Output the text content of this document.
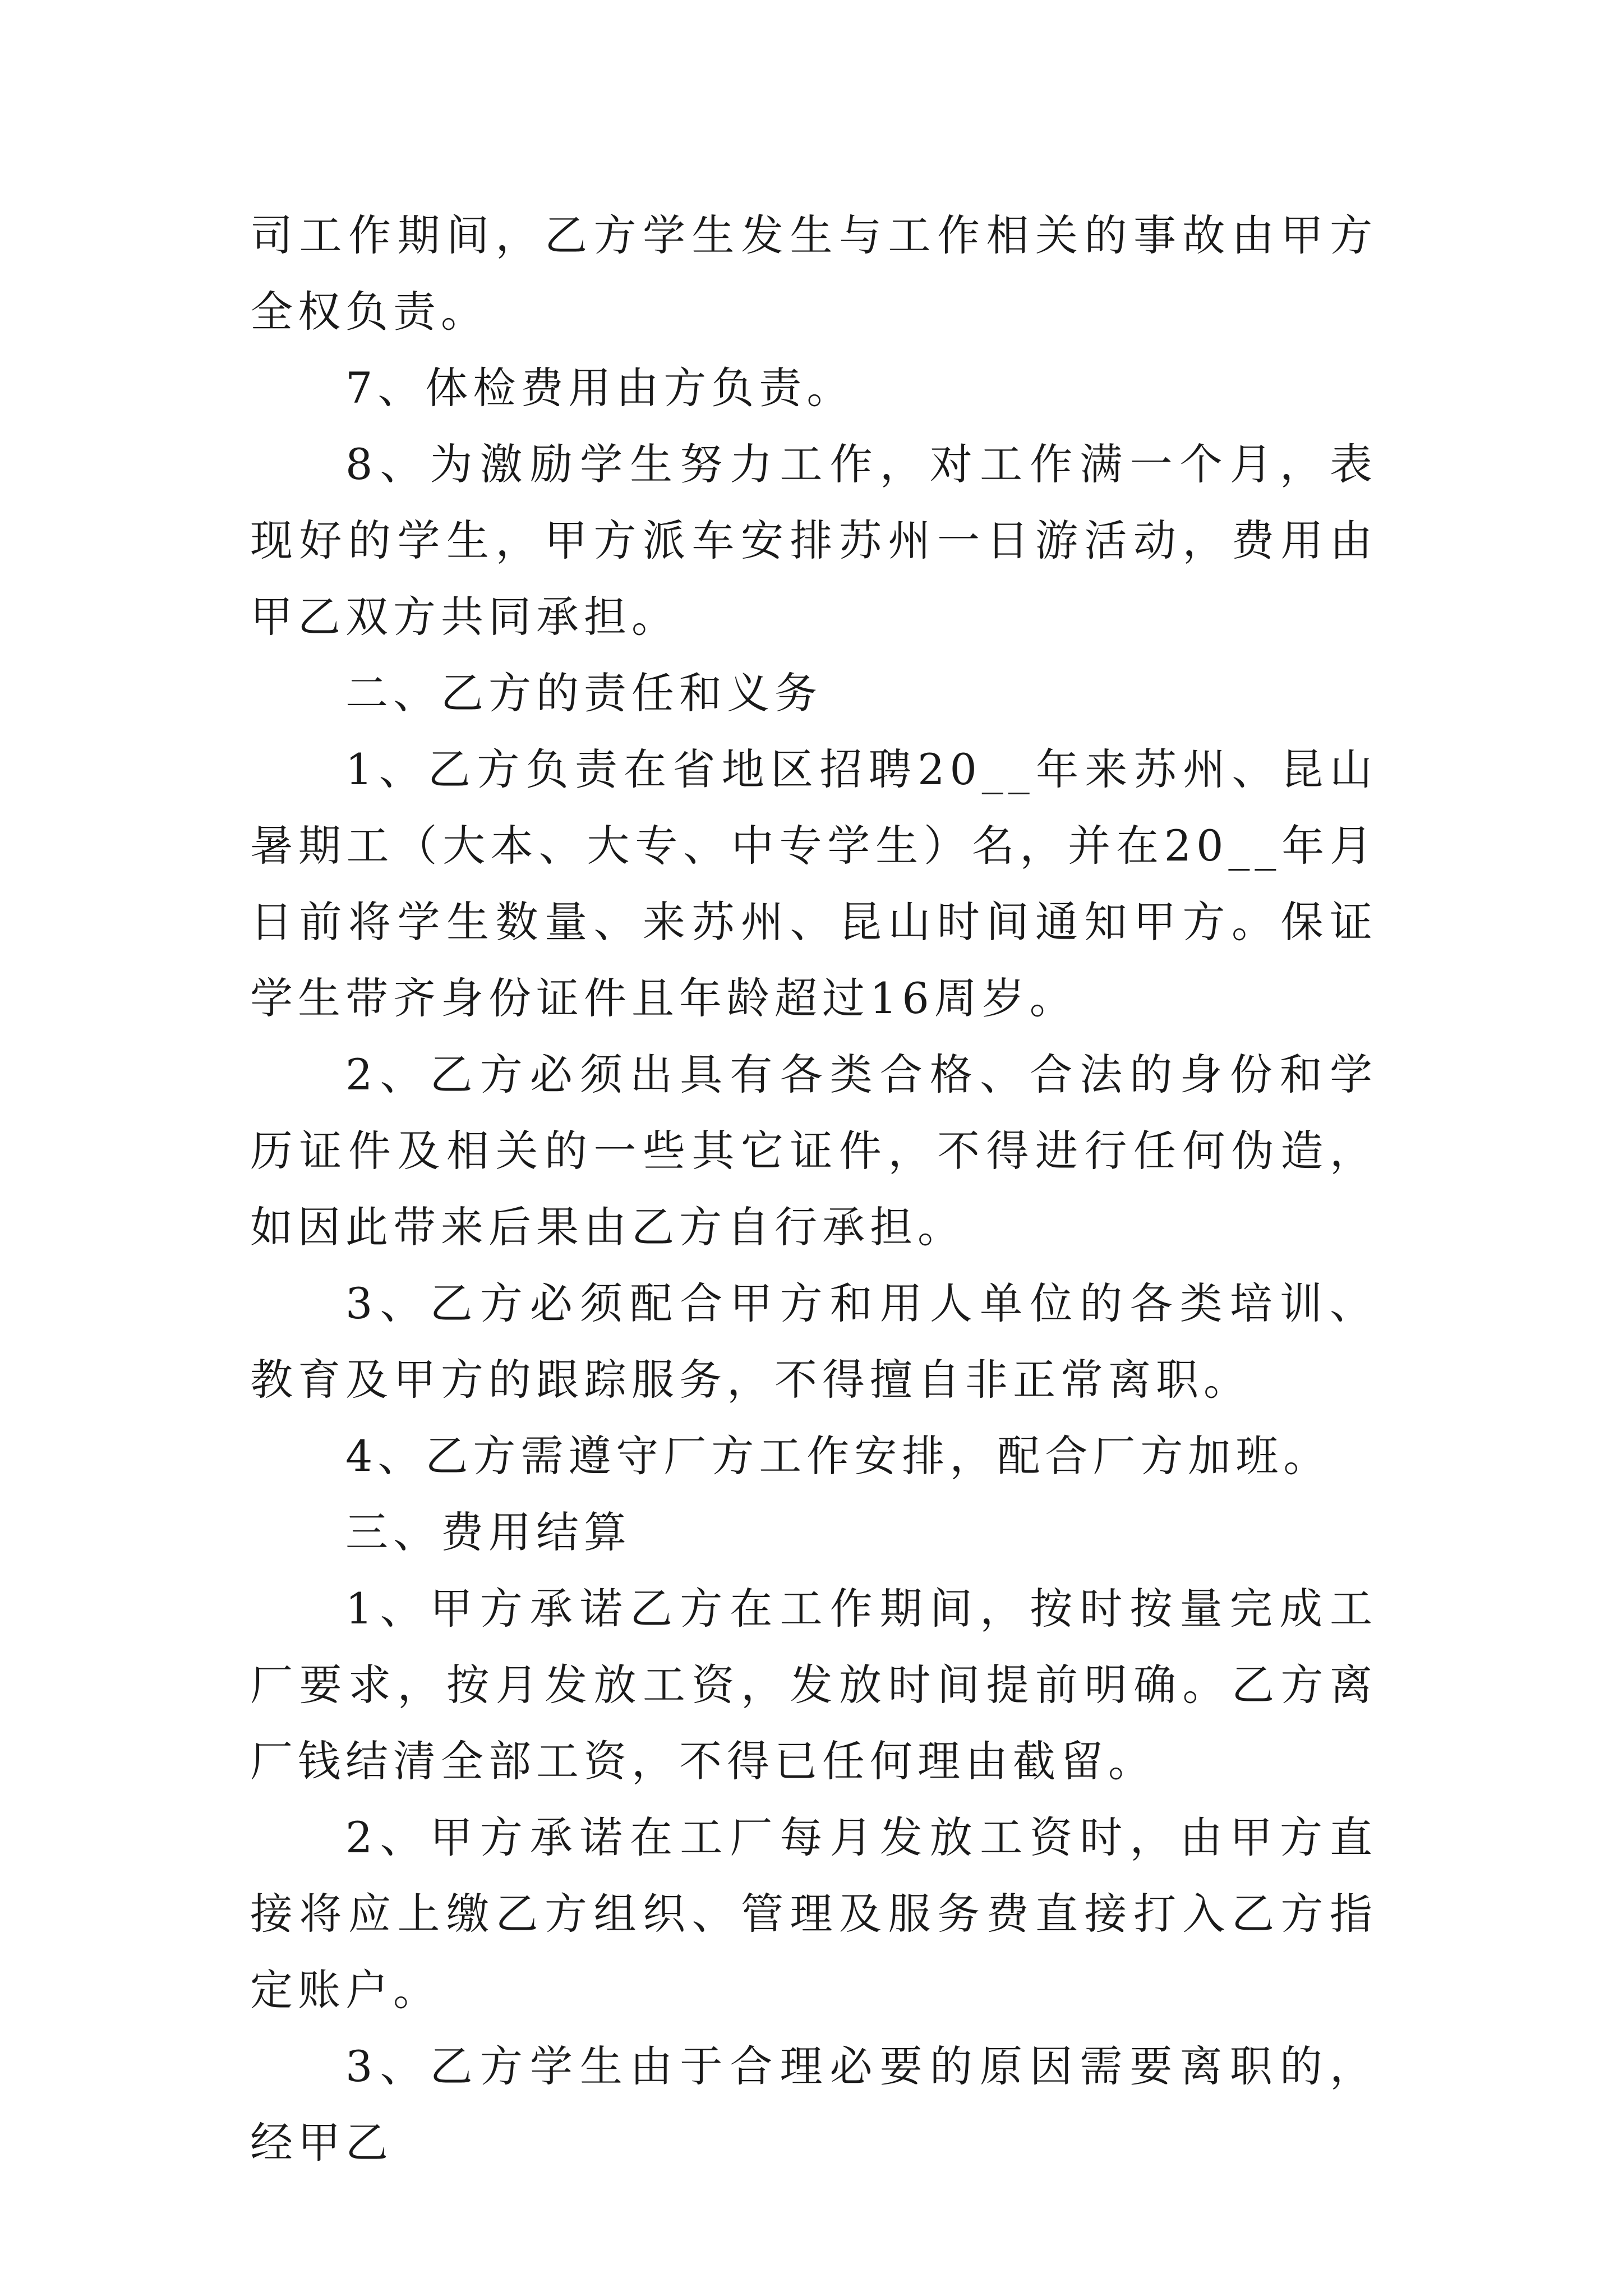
司工作期间，乙方学生发生与工作相关的事故由甲方全权负责。

7、体检费用由方负责。

8、为激励学生努力工作，对工作满一个月，表现好的学生，甲方派车安排苏州一日游活动，费用由甲乙双方共同承担。

二、乙方的责任和义务

1、乙方负责在省地区招聘20__年来苏州、昆山暑期工（大本、大专、中专学生）名，并在20__年月日前将学生数量、来苏州、昆山时间通知甲方。保证学生带齐身份证件且年龄超过16周岁。

2、乙方必须出具有各类合格、合法的身份和学历证件及相关的一些其它证件，不得进行任何伪造，如因此带来后果由乙方自行承担。

3、乙方必须配合甲方和用人单位的各类培训、教育及甲方的跟踪服务，不得擅自非正常离职。

4、乙方需遵守厂方工作安排，配合厂方加班。

三、费用结算

1、甲方承诺乙方在工作期间，按时按量完成工厂要求，按月发放工资，发放时间提前明确。乙方离厂钱结清全部工资，不得已任何理由截留。

2、甲方承诺在工厂每月发放工资时，由甲方直接将应上缴乙方组织、管理及服务费直接打入乙方指定账户。

3、乙方学生由于合理必要的原因需要离职的，经甲乙
